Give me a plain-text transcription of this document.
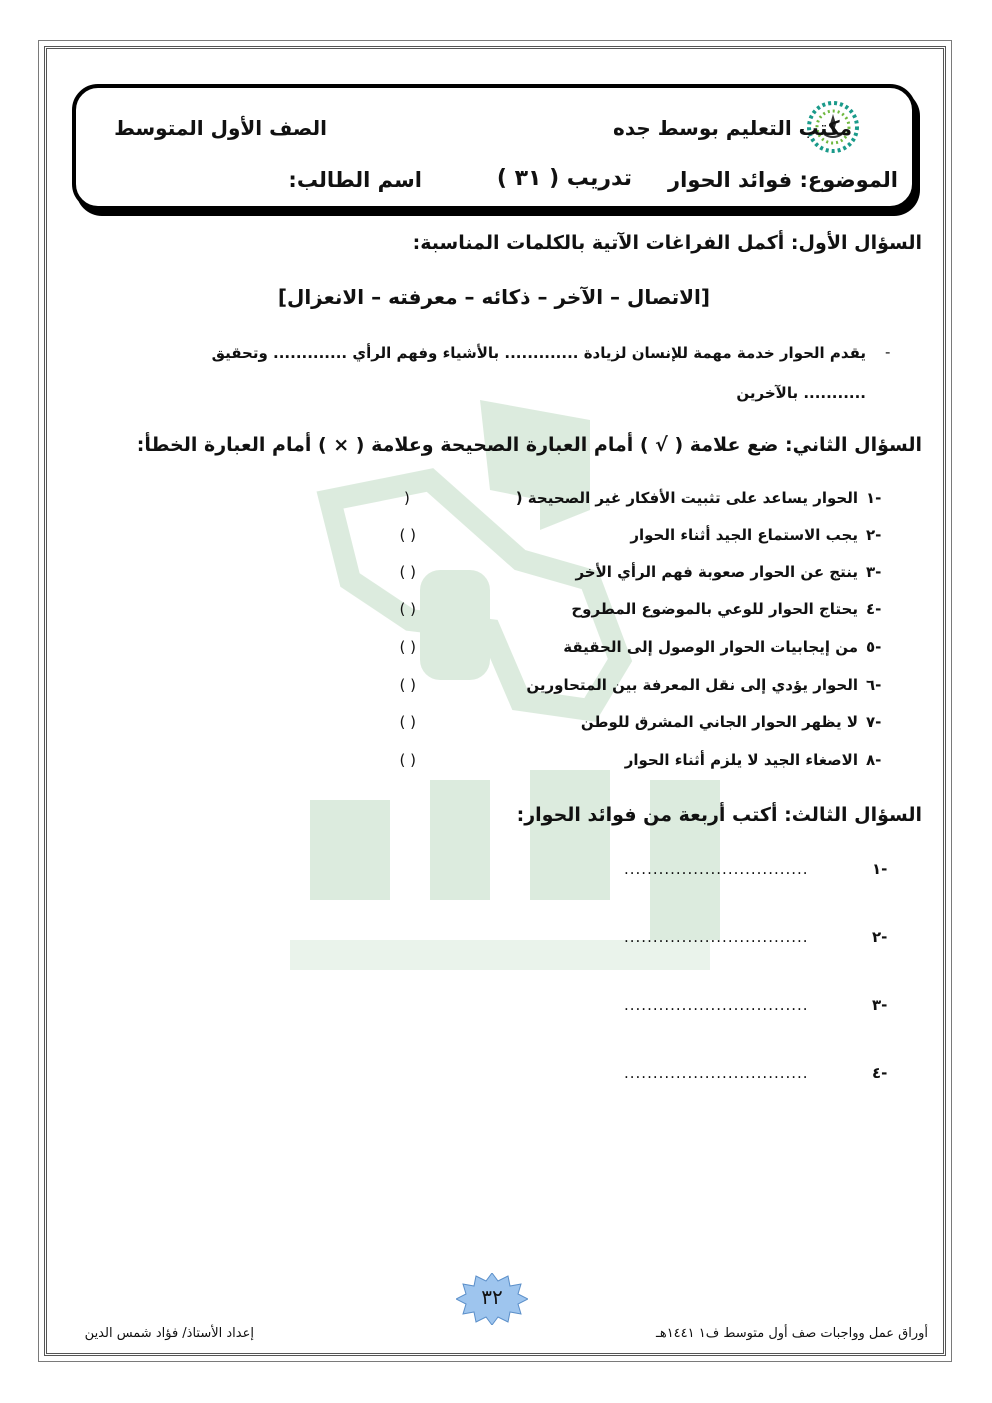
مكتب التعليم بوسط جده
الصف الأول المتوسط
الموضوع: فوائد الحوار
تدريب ( ٣١ )
اسم الطالب:
السؤال الأول: أكمل الفراغات الآتية بالكلمات المناسبة:
[الاتصال – الآخر – ذكائه – معرفته – الانعزال]
-
يقدم الحوار خدمة مهمة للإنسان لزيادة ............. بالأشياء وفهم الرأي ............. وتحقيق
........... بالآخرين
السؤال الثاني: ضع علامة ( √ ) أمام العبارة الصحيحة وعلامة ( × ) أمام العبارة الخطأ:
١-
الحوار يساعد على تثبيت الأفكار غير الصحيحة (
)
٢-
يجب الاستماع الجيد أثناء الحوار
( )
٣-
ينتج عن الحوار صعوبة فهم الرأي الأخر
( )
٤-
يحتاج الحوار للوعي بالموضوع المطروح
( )
٥-
من إيجابيات الحوار الوصول إلى الحقيقة
( )
٦-
الحوار يؤدي إلى نقل المعرفة بين المتحاورين
( )
٧-
لا يظهر الحوار الجاني المشرق للوطن
( )
٨-
الاصغاء الجيد لا يلزم أثناء الحوار
( )
السؤال الثالث: أكتب أربعة من فوائد الحوار:
١-
................................
٢-
................................
٣-
................................
٤-
................................
٣٢
إعداد الأستاذ/ فؤاد شمس الدين	أوراق عمل وواجبات صف أول متوسط ف١ ١٤٤١هـ
